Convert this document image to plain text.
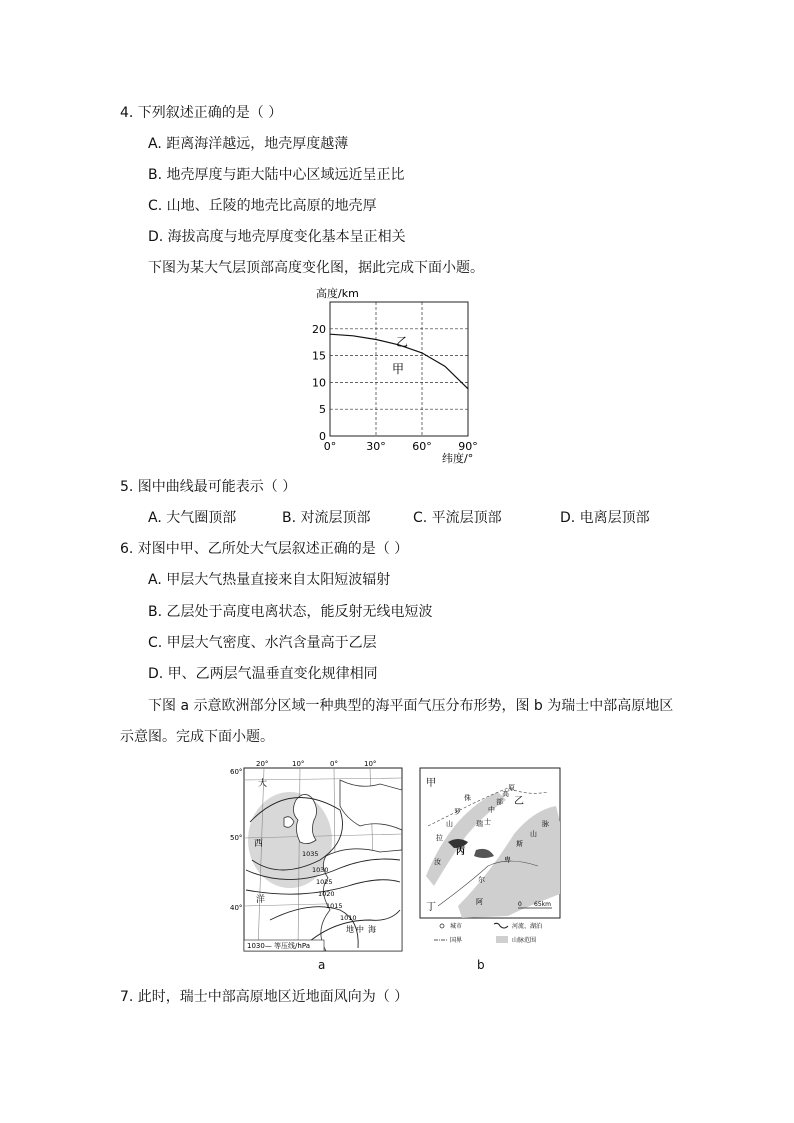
4. 下列叙述正确的是（ ）
A. 距离海洋越远，地壳厚度越薄
B. 地壳厚度与距大陆中心区域远近呈正比
C. 山地、丘陵的地壳比高原的地壳厚
D. 海拔高度与地壳厚度变化基本呈正相关
下图为某大气层顶部高度变化图，据此完成下面小题。
0
5
10
15
20
0°	30° 60° 90°
高度/km
纬度/°
乙
甲
5. 图中曲线最可能表示（ ）
A. 大气圈顶部	B. 对流层顶部	C. 平流层顶部	D. 电离层顶部
6. 对图中甲、乙所处大气层叙述正确的是（ ）
A. 甲层大气热量直接来自太阳短波辐射
B. 乙层处于高度电离状态，能反射无线电短波
C. 甲层大气密度、水汽含量高于乙层
D. 甲、乙两层气温垂直变化规律相同
下图 a 示意欧洲部分区域一种典型的海平面气压分布形势，图 b 为瑞士中部高原地区
示意图。完成下面小题。
60°
50°
40°
20°	10°	0°	10°
1035
1030
1025
1020
1015
1010
大
西
洋
地 中 海
1030— 等压线/hPa
a
甲
乙
丙
丁
侏
罗
山
拉
瑞 士
中
部
高
原
汝
阿
尔
卑
斯
山
脉
0 65km
城市	河流、湖泊
国界	山脉范围
b
7. 此时，瑞士中部高原地区近地面风向为（ ）
